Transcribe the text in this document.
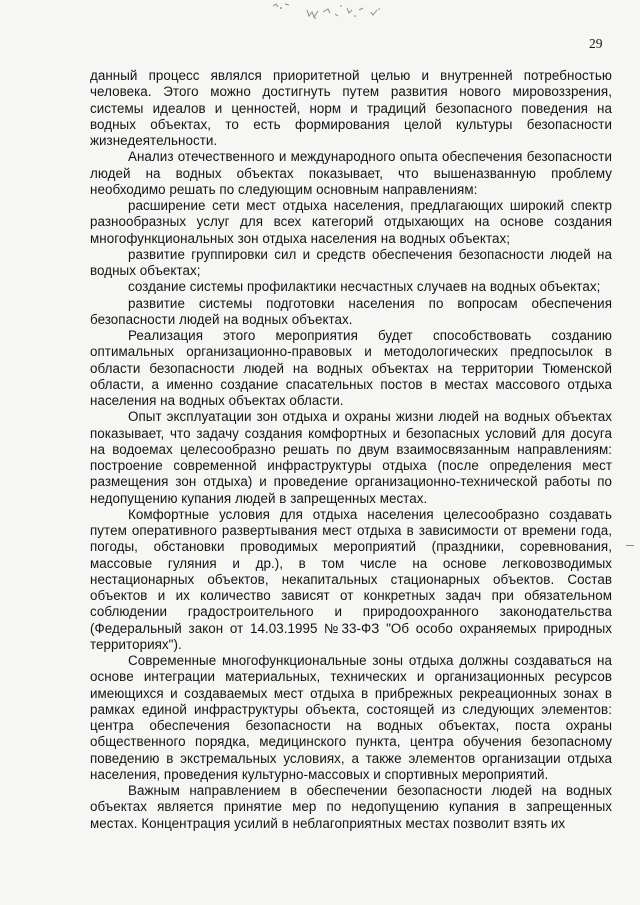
29

данный процесс являлся приоритетной целью и внутренней потребностью человека. Этого можно достигнуть путем развития нового мировоззрения, системы идеалов и ценностей, норм и традиций безопасного поведения на водных объектах, то есть формирования целой культуры безопасности жизнедеятельности.

Анализ отечественного и международного опыта обеспечения безопасности людей на водных объектах показывает, что вышеназванную проблему необходимо решать по следующим основным направлениям:

расширение сети мест отдыха населения, предлагающих широкий спектр разнообразных услуг для всех категорий отдыхающих на основе создания многофункциональных зон отдыха населения на водных объектах;

развитие группировки сил и средств обеспечения безопасности людей на водных объектах;

создание системы профилактики несчастных случаев на водных объектах;

развитие системы подготовки населения по вопросам обеспечения безопасности людей на водных объектах.

Реализация этого мероприятия будет способствовать созданию оптимальных организационно-правовых и методологических предпосылок в области безопасности людей на водных объектах на территории Тюменской области, а именно создание спасательных постов в местах массового отдыха населения на водных объектах области.

Опыт эксплуатации зон отдыха и охраны жизни людей на водных объектах показывает, что задачу создания комфортных и безопасных условий для досуга на водоемах целесообразно решать по двум взаимосвязанным направлениям: построение современной инфраструктуры отдыха (после определения мест размещения зон отдыха) и проведение организационно-технической работы по недопущению купания людей в запрещенных местах.

Комфортные условия для отдыха населения целесообразно создавать путем оперативного развертывания мест отдыха в зависимости от времени года, погоды, обстановки проводимых мероприятий (праздники, соревнования, массовые гуляния и др.), в том числе на основе легковозводимых нестационарных объектов, некапитальных стационарных объектов. Состав объектов и их количество зависят от конкретных задач при обязательном соблюдении градостроительного и природоохранного законодательства (Федеральный закон от 14.03.1995 №33-ФЗ "Об особо охраняемых природных территориях").

Современные многофункциональные зоны отдыха должны создаваться на основе интеграции материальных, технических и организационных ресурсов имеющихся и создаваемых мест отдыха в прибрежных рекреационных зонах в рамках единой инфраструктуры объекта, состоящей из следующих элементов: центра обеспечения безопасности на водных объектах, поста охраны общественного порядка, медицинского пункта, центра обучения безопасному поведению в экстремальных условиях, а также элементов организации отдыха населения, проведения культурно-массовых и спортивных мероприятий.

Важным направлением в обеспечении безопасности людей на водных объектах является принятие мер по недопущению купания в запрещенных местах. Концентрация усилий в неблагоприятных местах позволит взять их
